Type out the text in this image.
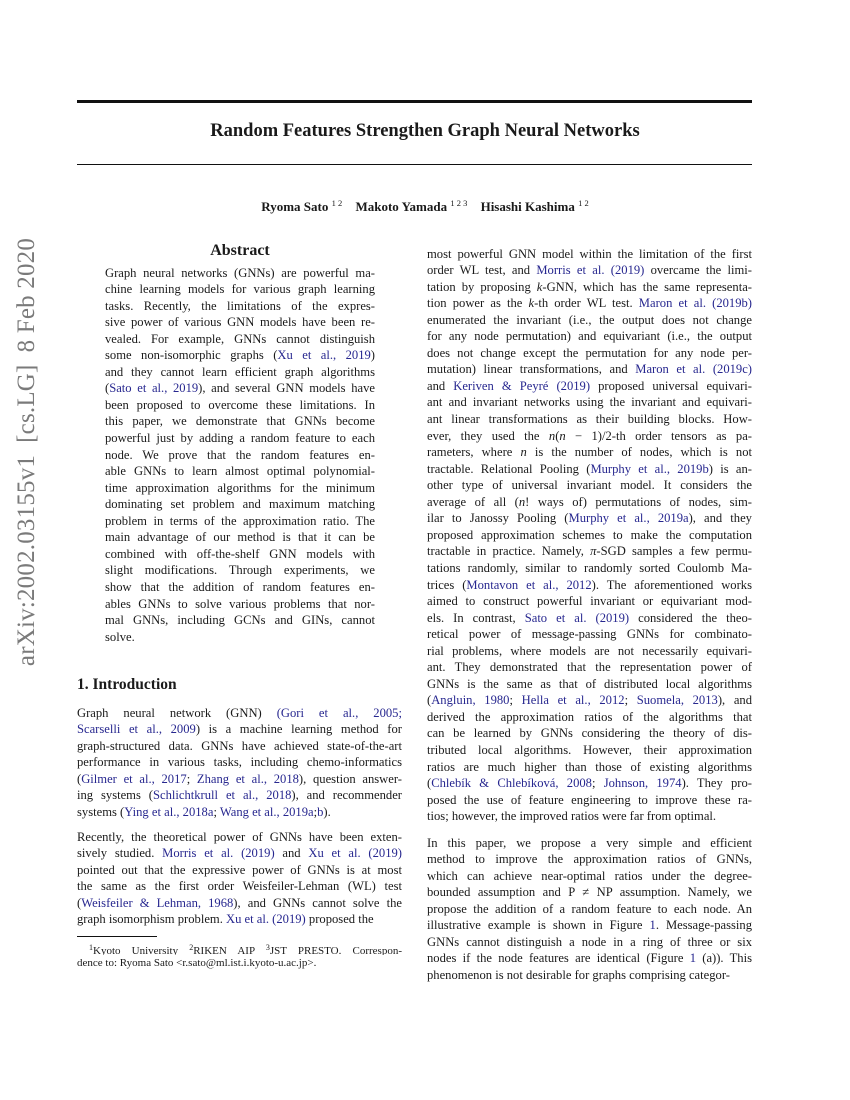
arXiv:2002.03155v1[cs.LG]8 Feb 2020
Random Features Strengthen Graph Neural Networks
Ryoma Sato $^{1 2}$ Makoto Yamada $^{1 2 3}$ Hisashi Kashima $^{1 2}$
Abstract
Graph neural networks (GNNs) are powerful ma-
chine learning models for various graph learning
tasks. Recently, the limitations of the expres-
sive power of various GNN models have been re-
vealed. For example, GNNs cannot distinguish
some non-isomorphic graphs (Xu et al., 2019)
and they cannot learn efficient graph algorithms
(Sato et al., 2019), and several GNN models have
been proposed to overcome these limitations. In
this paper, we demonstrate that GNNs become
powerful just by adding a random feature to each
node. We prove that the random features en-
able GNNs to learn almost optimal polynomial-
time approximation algorithms for the minimum
dominating set problem and maximum matching
problem in terms of the approximation ratio. The
main advantage of our method is that it can be
combined with off-the-shelf GNN models with
slight modifications. Through experiments, we
show that the addition of random features en-
ables GNNs to solve various problems that nor-
mal GNNs, including GCNs and GINs, cannot
solve.
1. Introduction
Graph neural network (GNN) (Gori et al., 2005;
Scarselli et al., 2009) is a machine learning method for
graph-structured data. GNNs have achieved state-of-the-art
performance in various tasks, including chemo-informatics
(Gilmer et al., 2017; Zhang et al., 2018), question answer-
ing systems (Schlichtkrull et al., 2018), and recommender
systems (Ying et al., 2018a; Wang et al., 2019a;b).
Recently, the theoretical power of GNNs have been exten-
sively studied. Morris et al. (2019) and Xu et al. (2019)
pointed out that the expressive power of GNNs is at most
the same as the first order Weisfeiler-Lehman (WL) test
(Weisfeiler & Lehman, 1968), and GNNs cannot solve the
graph isomorphism problem. Xu et al. (2019) proposed the
$^1$Kyoto University $^2$RIKEN AIP $^3$JST PRESTO. Correspon-
dence to: Ryoma Sato <r.sato@ml.ist.i.kyoto-u.ac.jp>.
most powerful GNN model within the limitation of the first
order WL test, and Morris et al. (2019) overcame the limi-
tation by proposing k-GNN, which has the same representa-
tion power as the k-th order WL test. Maron et al. (2019b)
enumerated the invariant (i.e., the output does not change
for any node permutation) and equivariant (i.e., the output
does not change except the permutation for any node per-
mutation) linear transformations, and Maron et al. (2019c)
and Keriven & Peyré (2019) proposed universal equivari-
ant and invariant networks using the invariant and equivari-
ant linear transformations as their building blocks. How-
ever, they used the n(n − 1)/2-th order tensors as pa-
rameters, where n is the number of nodes, which is not
tractable. Relational Pooling (Murphy et al., 2019b) is an-
other type of universal invariant model. It considers the
average of all (n! ways of) permutations of nodes, sim-
ilar to Janossy Pooling (Murphy et al., 2019a), and they
proposed approximation schemes to make the computation
tractable in practice. Namely, π-SGD samples a few permu-
tations randomly, similar to randomly sorted Coulomb Ma-
trices (Montavon et al., 2012). The aforementioned works
aimed to construct powerful invariant or equivariant mod-
els. In contrast, Sato et al. (2019) considered the theo-
retical power of message-passing GNNs for combinato-
rial problems, where models are not necessarily equivari-
ant. They demonstrated that the representation power of
GNNs is the same as that of distributed local algorithms
(Angluin, 1980; Hella et al., 2012; Suomela, 2013), and
derived the approximation ratios of the algorithms that
can be learned by GNNs considering the theory of dis-
tributed local algorithms. However, their approximation
ratios are much higher than those of existing algorithms
(Chlebík & Chlebíková, 2008; Johnson, 1974). They pro-
posed the use of feature engineering to improve these ra-
tios; however, the improved ratios were far from optimal.
In this paper, we propose a very simple and efficient
method to improve the approximation ratios of GNNs,
which can achieve near-optimal ratios under the degree-
bounded assumption and P ≠ NP assumption. Namely, we
propose the addition of a random feature to each node. An
illustrative example is shown in Figure 1. Message-passing
GNNs cannot distinguish a node in a ring of three or six
nodes if the node features are identical (Figure 1 (a)). This
phenomenon is not desirable for graphs comprising categor-
